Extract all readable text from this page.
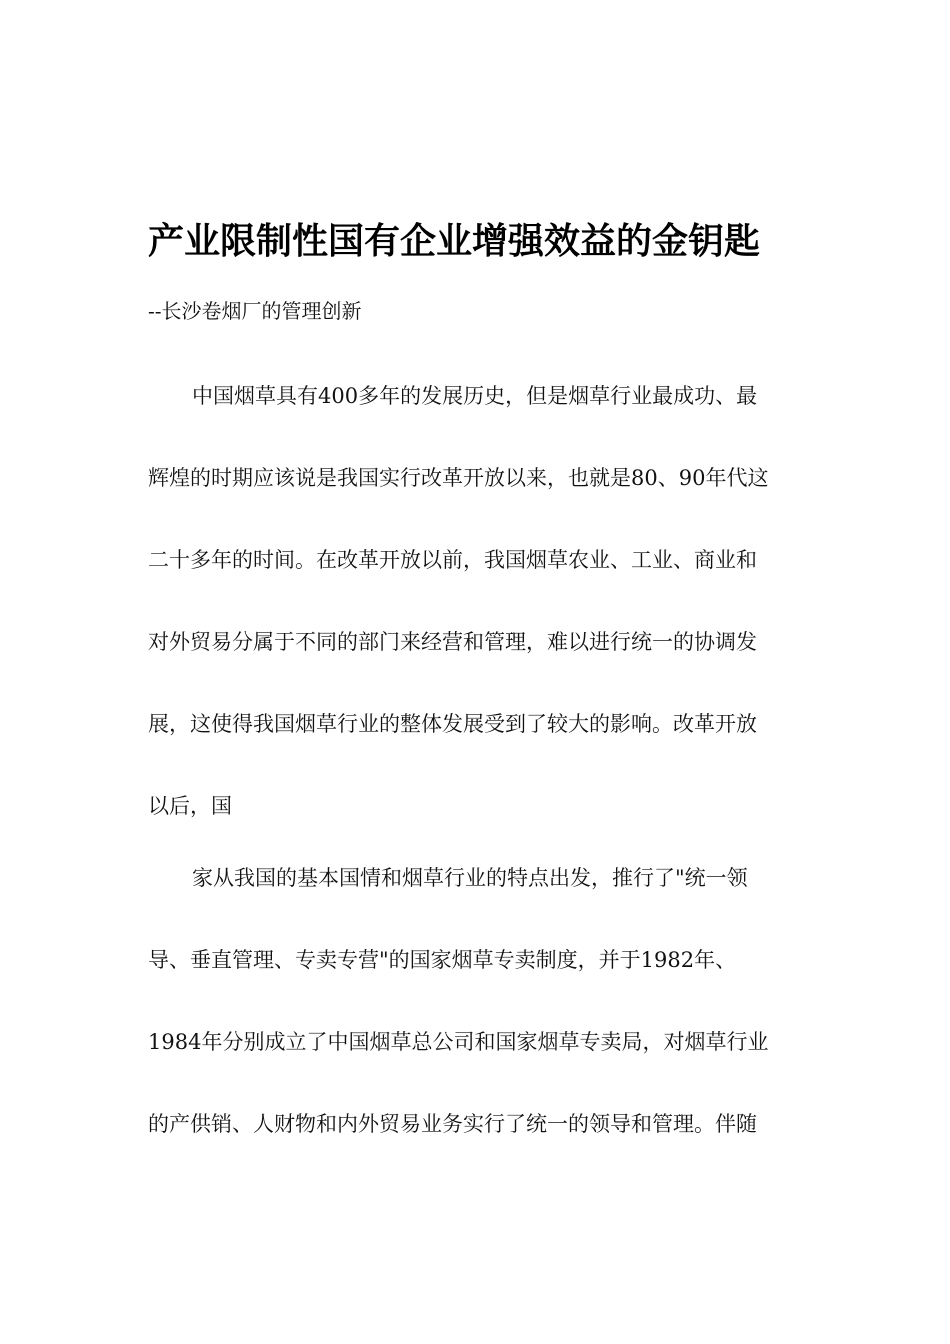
产业限制性国有企业增强效益的金钥匙
--长沙卷烟厂的管理创新
中国烟草具有400多年的发展历史，但是烟草行业最成功、最
辉煌的时期应该说是我国实行改革开放以来，也就是80、90年代这
二十多年的时间。在改革开放以前，我国烟草农业、工业、商业和
对外贸易分属于不同的部门来经营和管理，难以进行统一的协调发
展，这使得我国烟草行业的整体发展受到了较大的影响。改革开放
以后，国
家从我国的基本国情和烟草行业的特点出发，推行了"统一领
导、垂直管理、专卖专营"的国家烟草专卖制度，并于1982年、
1984年分别成立了中国烟草总公司和国家烟草专卖局，对烟草行业
的产供销、人财物和内外贸易业务实行了统一的领导和管理。伴随
